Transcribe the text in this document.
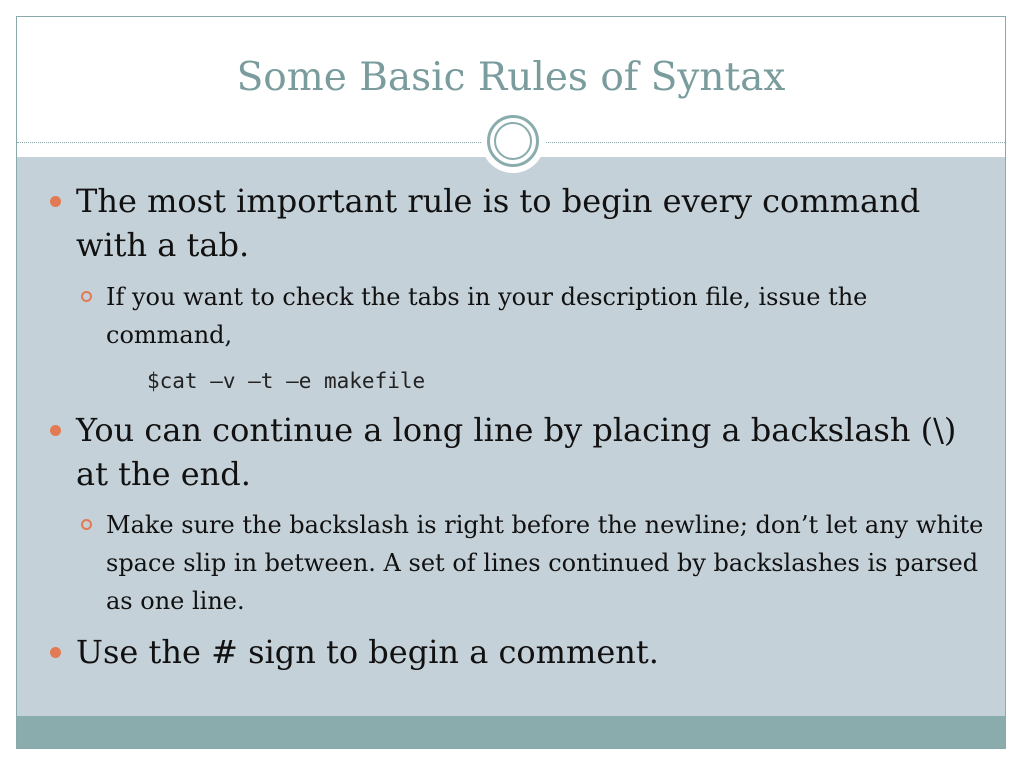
Some Basic Rules of Syntax
The most important rule is to begin every command with a tab.
If you want to check the tabs in your description file, issue the command,
$cat –v –t –e makefile
You can continue a long line by placing a backslash (\) at the end.
Make sure the backslash is right before the newline; don’t let any white space slip in between. A set of lines continued by backslashes is parsed as one line.
Use the # sign to begin a comment.
